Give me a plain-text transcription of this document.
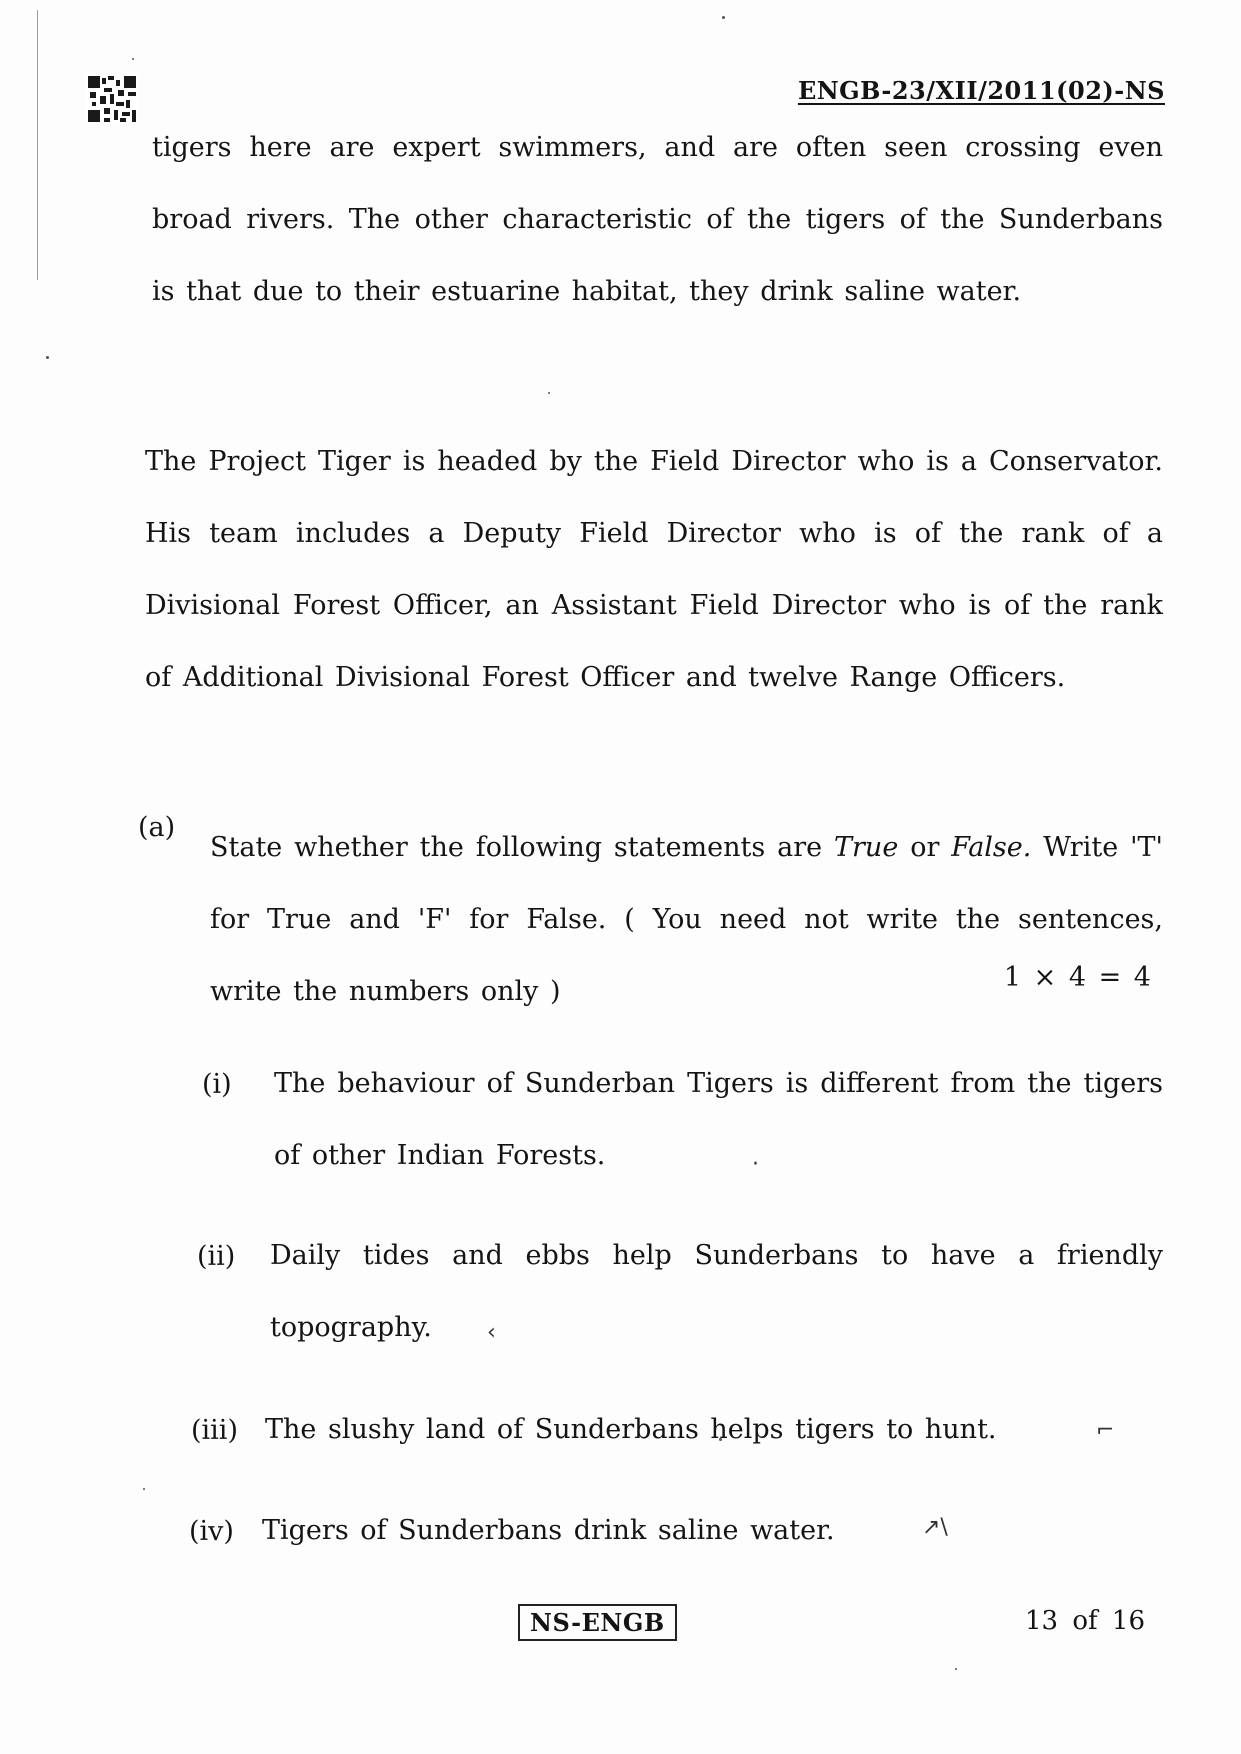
ENGB-23/XII/2011(02)-NS
tigers here are expert swimmers, and are often seen crossing even broad rivers. The other characteristic of the tigers of the Sunderbans is that due to their estuarine habitat, they drink saline water.
The Project Tiger is headed by the Field Director who is a Conservator. His team includes a Deputy Field Director who is of the rank of a Divisional Forest Officer, an Assistant Field Director who is of the rank of Additional Divisional Forest Officer and twelve Range Officers.
(a)
State whether the following statements are True or False. Write 'T' for True and 'F' for False. ( You need not write the sentences, write the numbers only )	1 × 4 = 4
(i) The behaviour of Sunderban Tigers is different from the tigers of other Indian Forests.	·
(ii) Daily tides and ebbs help Sunderbans to have a friendly topography.	‹
(iii) The slushy land of Sunderbans helps tigers to hunt.	⌐
(iv) Tigers of Sunderbans drink saline water.	↗\
NS-ENGB	13 of 16
